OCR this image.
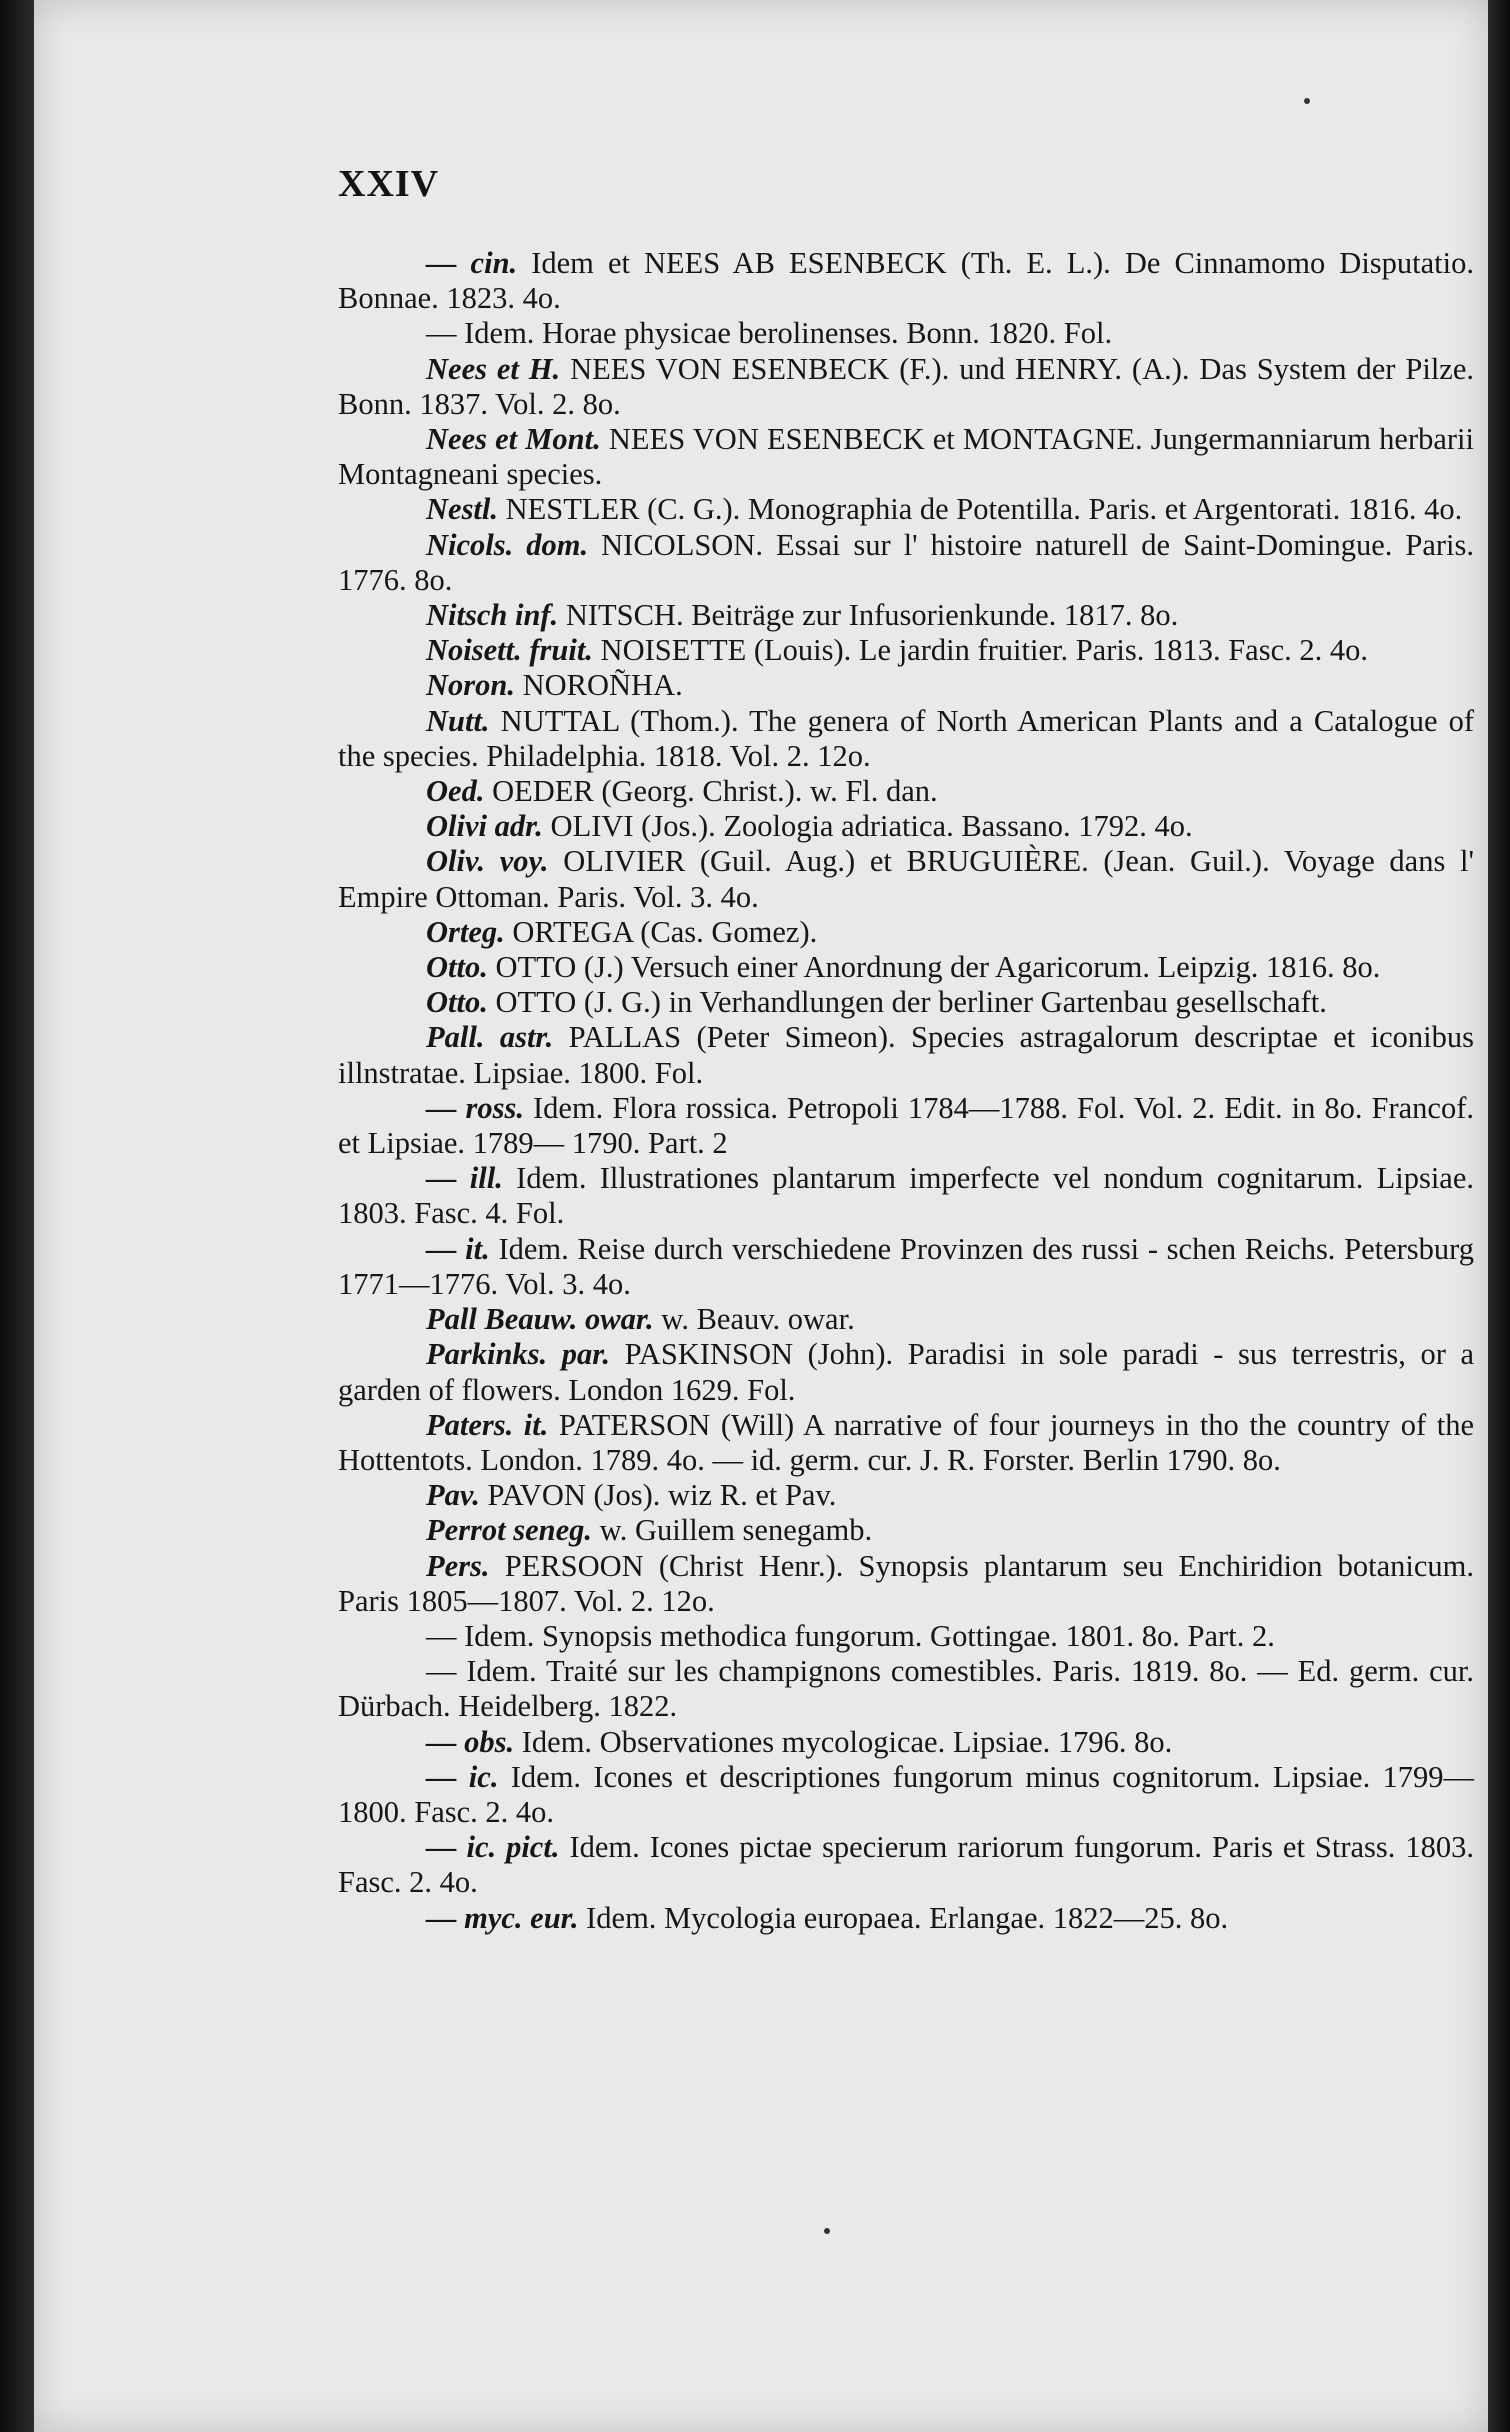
XXIV

— cin. Idem et NEES AB ESENBECK (Th. E. L.). De Cinnamomo Disputatio. Bonnae. 1823. 4o.

— Idem. Horae physicae berolinenses. Bonn. 1820. Fol.

Nees et H. NEES VON ESENBECK (F.). und HENRY. (A.). Das System der Pilze. Bonn. 1837. Vol. 2. 8o.

Nees et Mont. NEES VON ESENBECK et MONTAGNE. Jungermanniarum herbarii Montagneani species.

Nestl. NESTLER (C. G.). Monographia de Potentilla. Paris. et Argentorati. 1816. 4o.

Nicols. dom. NICOLSON. Essai sur l' histoire naturell de Saint-Domingue. Paris. 1776. 8o.

Nitsch inf. NITSCH. Beiträge zur Infusorienkunde. 1817. 8o.

Noisett. fruit. NOISETTE (Louis). Le jardin fruitier. Paris. 1813. Fasc. 2. 4o.

Noron. NOROÑHA.

Nutt. NUTTAL (Thom.). The genera of North American Plants and a Catalogue of the species. Philadelphia. 1818. Vol. 2. 12o.

Oed. OEDER (Georg. Christ.). w. Fl. dan.

Olivi adr. OLIVI (Jos.). Zoologia adriatica. Bassano. 1792. 4o.

Oliv. voy. OLIVIER (Guil. Aug.) et BRUGUIÈRE. (Jean. Guil.). Voyage dans l' Empire Ottoman. Paris. Vol. 3. 4o.

Orteg. ORTEGA (Cas. Gomez).

Otto. OTTO (J.) Versuch einer Anordnung der Agaricorum. Leipzig. 1816. 8o.

Otto. OTTO (J. G.) in Verhandlungen der berliner Gartenbau gesellschaft.

Pall. astr. PALLAS (Peter Simeon). Species astragalorum descriptae et iconibus illnstratae. Lipsiae. 1800. Fol.

— ross. Idem. Flora rossica. Petropoli 1784—1788. Fol. Vol. 2. Edit. in 8o. Francof. et Lipsiae. 1789— 1790. Part. 2

— ill. Idem. Illustrationes plantarum imperfecte vel nondum cognitarum. Lipsiae. 1803. Fasc. 4. Fol.

— it. Idem. Reise durch verschiedene Provinzen des russi - schen Reichs. Petersburg 1771—1776. Vol. 3. 4o.

Pall Beauw. owar. w. Beauv. owar.

Parkinks. par. PASKINSON (John). Paradisi in sole paradi - sus terrestris, or a garden of flowers. London 1629. Fol.

Paters. it. PATERSON (Will) A narrative of four journeys in tho the country of the Hottentots. London. 1789. 4o. — id. germ. cur. J. R. Forster. Berlin 1790. 8o.

Pav. PAVON (Jos). wiz R. et Pav.

Perrot seneg. w. Guillem senegamb.

Pers. PERSOON (Christ Henr.). Synopsis plantarum seu Enchiridion botanicum. Paris 1805—1807. Vol. 2. 12o.

— Idem. Synopsis methodica fungorum. Gottingae. 1801. 8o. Part. 2.

— Idem. Traité sur les champignons comestibles. Paris. 1819. 8o. — Ed. germ. cur. Dürbach. Heidelberg. 1822.

— obs. Idem. Observationes mycologicae. Lipsiae. 1796. 8o.

— ic. Idem. Icones et descriptiones fungorum minus cognitorum. Lipsiae. 1799—1800. Fasc. 2. 4o.

— ic. pict. Idem. Icones pictae specierum rariorum fungorum. Paris et Strass. 1803. Fasc. 2. 4o.

— myc. eur. Idem. Mycologia europaea. Erlangae. 1822—25. 8o.
